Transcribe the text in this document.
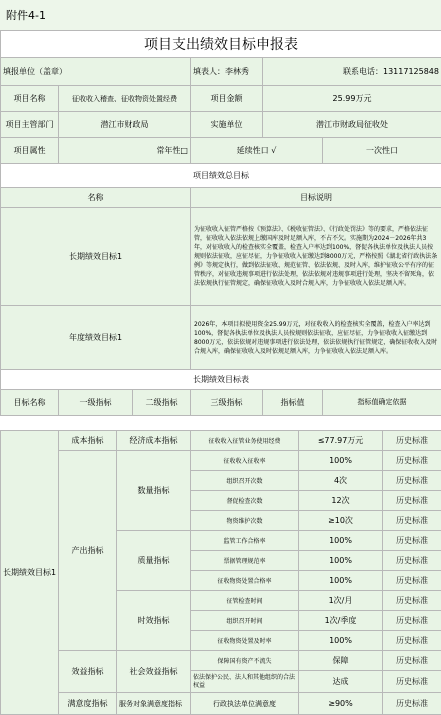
附件4-1
项目支出绩效目标申报表					
填报单位（盖章）			填表人：李林秀	联系电话：13117125848	
项目名称	征收收入稽查、征收物资处置经费		项目金额	25.99万元	
项目主管部门	潜江市财政局		实施单位	潜江市财政局征收处	
项目属性	常年性□		延续性口 √		一次性口
项目绩效总目标					
名称			目标说明		
长期绩效目标1			为征收收入征管严格按《预算法》、《税收征管法》、《行政处罚法》等的要求，严格依法征管，征收收入依法依规上缴国库及时足额入库，不占不欠。实施期为2024－2026年共3年，对征收收入的检查核实全覆盖，检查入户率达到100%，督促各执法单位及执法人员按规则依法征收，应征尽征，力争征收收入征缴达到8000万元，严格按照《湖北省行政执法条例》等规定执行，做到依法征收、规范征管、依法依规、及时入库，维护征收公平有序的征管秩序，对征收违规事项进行依法处理，依法依规对违规事项进行处理，坚决不留死角，依法依规执行征管规定，确保征收收入及时合规入库，力争征收收入依法足额入库。		
年度绩效目标1			2026年，本项目拟使用资金25.99万元，对征收收入的检查核实全覆盖，检查入户率达到100%，督促各执法单位及执法人员按规则依法征收，应征尽征，力争征收收入征缴达到8000万元，依法依规对违规事项进行依法处理，依法依规执行征管规定，确保征收收入及时合规入库，确保征收收入及时依规足额入库，力争征收收入依法足额入库。		
长期绩效目标表					
目标名称	一级指标	二级指标	三级指标	指标值	指标值确定依据
长期绩效目标1	成本指标	经济成本指标	征收收入征管业务使用经费	≤77.97万元	历史标准
	产出指标	数量指标	征收收入征收率	100%	历史标准
			组织召开次数	4次	历史标准
			督促检查次数	12次	历史标准
			物资维护次数	≥10次	历史标准
		质量指标	监管工作合格率	100%	历史标准
			票据管理规范率	100%	历史标准
			征收物资处置合格率	100%	历史标准
		时效指标	征管检查时间	1次/月	历史标准
			组织召开时间	1次/季度	历史标准
			征收物资处置及时率	100%	历史标准
	效益指标	社会效益指标	保障国有资产不流失	保障	历史标准
			依法保护公民、法人和其他组织的合法权益	达成	历史标准
	满意度指标	服务对象满意度指标	行政执法单位满意度	≥90%	历史标准
